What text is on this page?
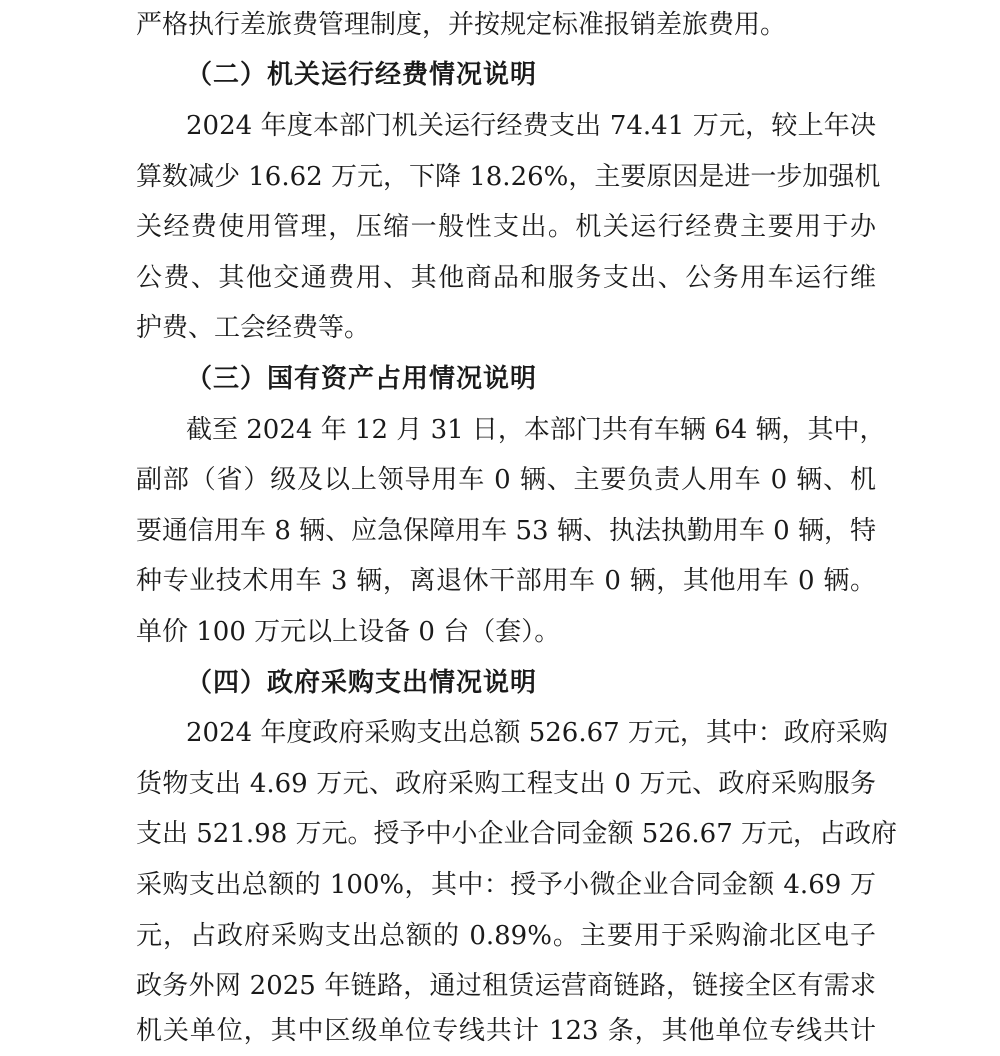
严格执行差旅费管理制度，并按规定标准报销差旅费用。
（二）机关运行经费情况说明
2024 年度本部门机关运行经费支出 74.41 万元，较上年决
算数减少 16.62 万元，下降 18.26%，主要原因是进一步加强机
关经费使用管理，压缩一般性支出。机关运行经费主要用于办
公费、其他交通费用、其他商品和服务支出、公务用车运行维
护费、工会经费等。
（三）国有资产占用情况说明
截至 2024 年 12 月 31 日，本部门共有车辆 64 辆，其中，
副部（省）级及以上领导用车 0 辆、主要负责人用车 0 辆、机
要通信用车 8 辆、应急保障用车 53 辆、执法执勤用车 0 辆，特
种专业技术用车 3 辆，离退休干部用车 0 辆，其他用车 0 辆。
单价 100 万元以上设备 0 台（套）。
（四）政府采购支出情况说明
2024 年度政府采购支出总额 526.67 万元，其中：政府采购
货物支出 4.69 万元、政府采购工程支出 0 万元、政府采购服务
支出 521.98 万元。授予中小企业合同金额 526.67 万元，占政府
采购支出总额的 100%，其中：授予小微企业合同金额 4.69 万
元，占政府采购支出总额的 0.89%。主要用于采购渝北区电子
政务外网 2025 年链路，通过租赁运营商链路，链接全区有需求
机关单位，其中区级单位专线共计 123 条，其他单位专线共计
